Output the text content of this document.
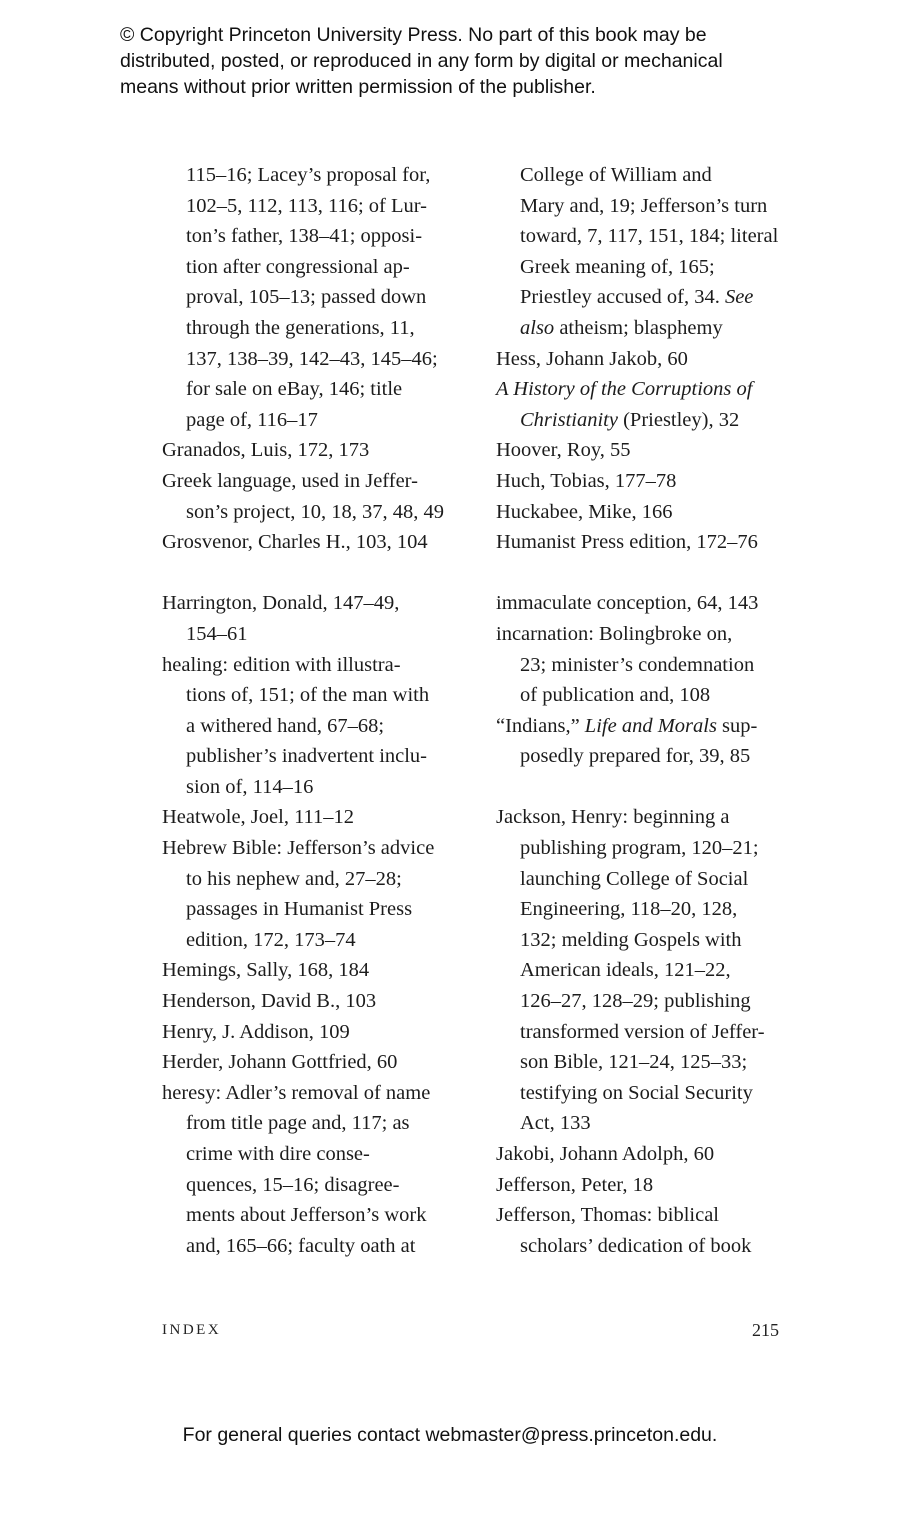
© Copyright Princeton University Press. No part of this book may be
distributed, posted, or reproduced in any form by digital or mechanical
means without prior written permission of the publisher.
115–16; Lacey’s proposal for,
102–5, 112, 113, 116; of Lur-
ton’s father, 138–41; opposi-
tion after congressional ap-
proval, 105–13; passed down
through the generations, 11,
137, 138–39, 142–43, 145–46;
for sale on eBay, 146; title
page of, 116–17
Granados, Luis, 172, 173
Greek language, used in Jeffer-
son’s project, 10, 18, 37, 48, 49
Grosvenor, Charles H., 103, 104
Harrington, Donald, 147–49,
154–61
healing: edition with illustra-
tions of, 151; of the man with
a withered hand, 67–68;
publisher’s inadvertent inclu-
sion of, 114–16
Heatwole, Joel, 111–12
Hebrew Bible: Jefferson’s advice
to his nephew and, 27–28;
passages in Humanist Press
edition, 172, 173–74
Hemings, Sally, 168, 184
Henderson, David B., 103
Henry, J. Addison, 109
Herder, Johann Gottfried, 60
heresy: Adler’s removal of name
from title page and, 117; as
crime with dire conse-
quences, 15–16; disagree-
ments about Jefferson’s work
and, 165–66; faculty oath at
College of William and
Mary and, 19; Jefferson’s turn
toward, 7, 117, 151, 184; literal
Greek meaning of, 165;
Priestley accused of, 34. See
also atheism; blasphemy
Hess, Johann Jakob, 60
A History of the Corruptions of
Christianity (Priestley), 32
Hoover, Roy, 55
Huch, Tobias, 177–78
Huckabee, Mike, 166
Humanist Press edition, 172–76
immaculate conception, 64, 143
incarnation: Bolingbroke on,
23; minister’s condemnation
of publication and, 108
“Indians,” Life and Morals sup-
posedly prepared for, 39, 85
Jackson, Henry: beginning a
publishing program, 120–21;
launching College of Social
Engineering, 118–20, 128,
132; melding Gospels with
American ideals, 121–22,
126–27, 128–29; publishing
transformed version of Jeffer-
son Bible, 121–24, 125–33;
testifying on Social Security
Act, 133
Jakobi, Johann Adolph, 60
Jefferson, Peter, 18
Jefferson, Thomas: biblical
scholars’ dedication of book
INDEX	215
For general queries contact webmaster@press.princeton.edu.
